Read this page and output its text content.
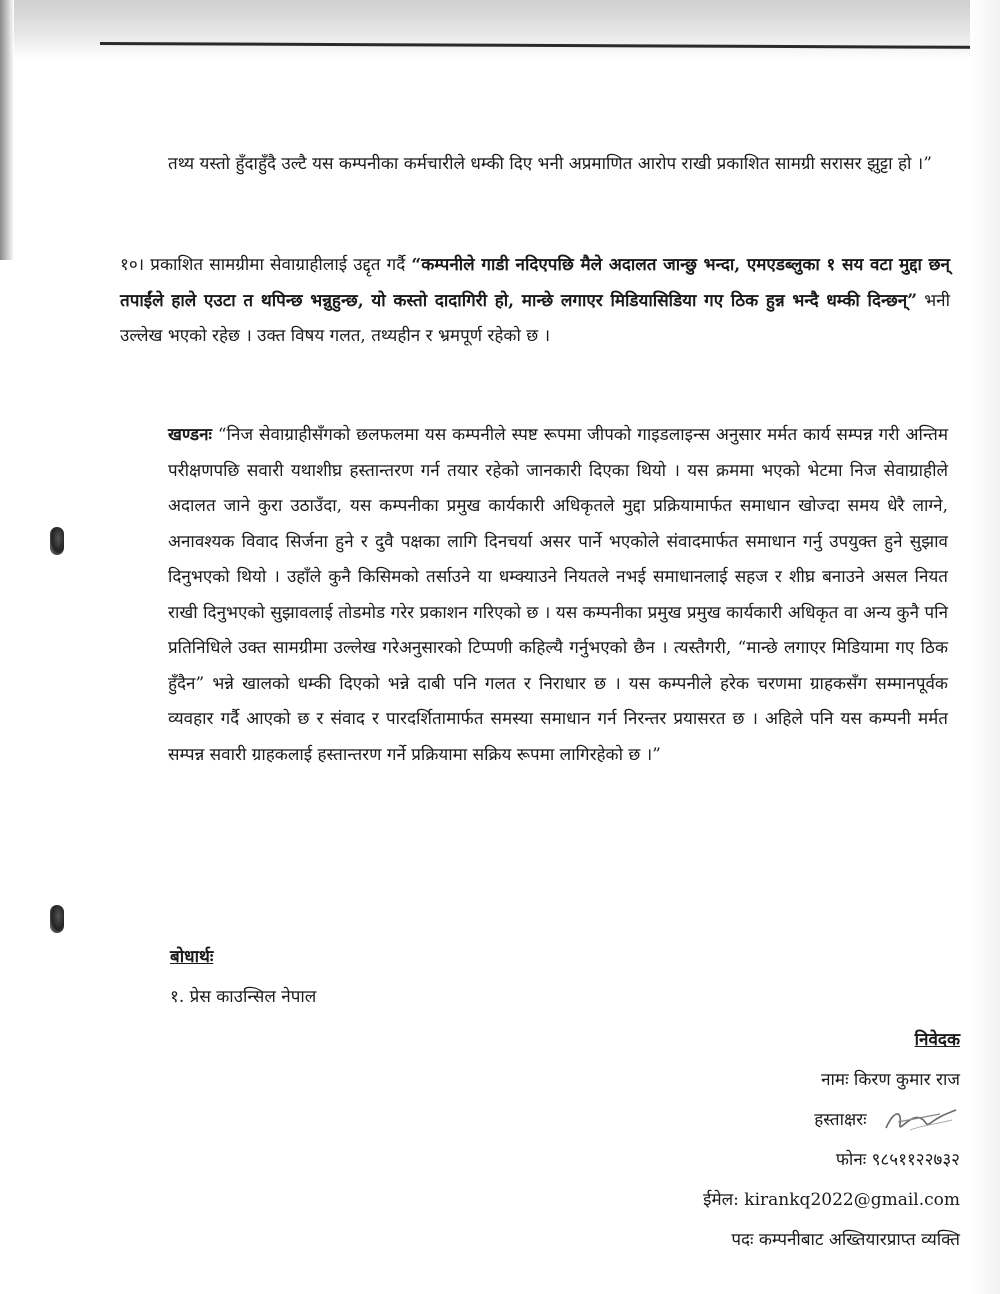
तथ्य यस्तो हुँदाहुँदै उल्टै यस कम्पनीका कर्मचारीले धम्की दिए भनी अप्रमाणित आरोप राखी प्रकाशित सामग्री सरासर झुट्टा हो ।”
१०। प्रकाशित सामग्रीमा सेवाग्राहीलाई उद्दृत गर्दै “कम्पनीले गाडी नदिएपछि मैले अदालत जान्छु भन्दा, एमएडब्लुका १ सय वटा मुद्दा छन् तपाईंले हाले एउटा त थपिन्छ भन्नुहुन्छ, यो कस्तो दादागिरी हो, मान्छे लगाएर मिडियासिडिया गए ठिक हुन्न भन्दै धम्की दिन्छन्” भनी उल्लेख भएको रहेछ । उक्त विषय गलत, तथ्यहीन र भ्रमपूर्ण रहेको छ ।
खण्डनः “निज सेवाग्राहीसँगको छलफलमा यस कम्पनीले स्पष्ट रूपमा जीपको गाइडलाइन्स अनुसार मर्मत कार्य सम्पन्न गरी अन्तिम परीक्षणपछि सवारी यथाशीघ्र हस्तान्तरण गर्न तयार रहेको जानकारी दिएका थियो । यस क्रममा भएको भेटमा निज सेवाग्राहीले अदालत जाने कुरा उठाउँदा, यस कम्पनीका प्रमुख कार्यकारी अधिकृतले मुद्दा प्रक्रियामार्फत समाधान खोज्दा समय धेरै लाग्ने, अनावश्यक विवाद सिर्जना हुने र दुवै पक्षका लागि दिनचर्या असर पार्ने भएकोले संवादमार्फत समाधान गर्नु उपयुक्त हुने सुझाव दिनुभएको थियो । उहाँले कुनै किसिमको तर्साउने या धम्क्याउने नियतले नभई समाधानलाई सहज र शीघ्र बनाउने असल नियत राखी दिनुभएको सुझावलाई तोडमोड गरेर प्रकाशन गरिएको छ । यस कम्पनीका प्रमुख प्रमुख कार्यकारी अधिकृत वा अन्य कुनै पनि प्रतिनिधिले उक्त सामग्रीमा उल्लेख गरेअनुसारको टिप्पणी कहिल्यै गर्नुभएको छैन । त्यस्तैगरी, “मान्छे लगाएर मिडियामा गए ठिक हुँदैन” भन्ने खालको धम्की दिएको भन्ने दाबी पनि गलत र निराधार छ । यस कम्पनीले हरेक चरणमा ग्राहकसँग सम्मानपूर्वक व्यवहार गर्दै आएको छ र संवाद र पारदर्शितामार्फत समस्या समाधान गर्न निरन्तर प्रयासरत छ । अहिले पनि यस कम्पनी मर्मत सम्पन्न सवारी ग्राहकलाई हस्तान्तरण गर्ने प्रक्रियामा सक्रिय रूपमा लागिरहेको छ ।”
बोधार्थः
१. प्रेस काउन्सिल नेपाल
निवेदक
नामः किरण कुमार राज
हस्ताक्षरः
फोनः ९८५११२२७३२
ईमेल: kirankq2022@gmail.com
पदः कम्पनीबाट अख्तियारप्राप्त व्यक्ति
